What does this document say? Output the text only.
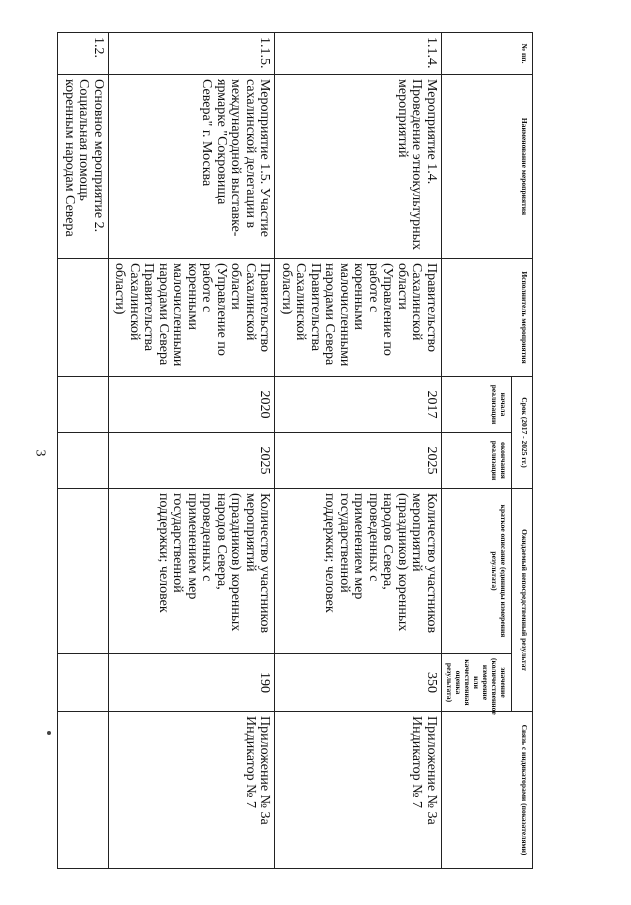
3
№ пп.	Наименование мероприятия	Исполнитель мероприятия	Срок (2017 - 2025 гг.)		Ожидаемый непосредственный результат		Связь с индикаторами (показателями)
			начала реализации	окончания реализации	краткое описание (единицы измерения результата)	значение (количественное измерение или качественная оценка результата)	
1.1.4.	Мероприятие 1.4. Проведение этнокультурных мероприятий	Правительство Сахалинской области (Управление по работе с коренными малочисленными народами Севера Правительства Сахалинской области)	2017	2025	Количество участников мероприятий (праздников) коренных народов Севера, проведенных с применением мер государственной поддержки; человек	350	Приложение № 3а Индикатор № 7
1.1.5.	Мероприятие 1.5. Участие сахалинской делегации в международной выставке-ярмарке "Сокровища Севера" г. Москва	Правительство Сахалинской области (Управление по работе с коренными малочисленными народами Севера Правительства Сахалинской области)	2020	2025	Количество участников мероприятий (праздников) коренных народов Севера, проведенных с применением мер государственной поддержки; человек	190	Приложение № 3а Индикатор № 7
1.2.	Основное мероприятие 2. Социальная помощь коренным народам Севера						
